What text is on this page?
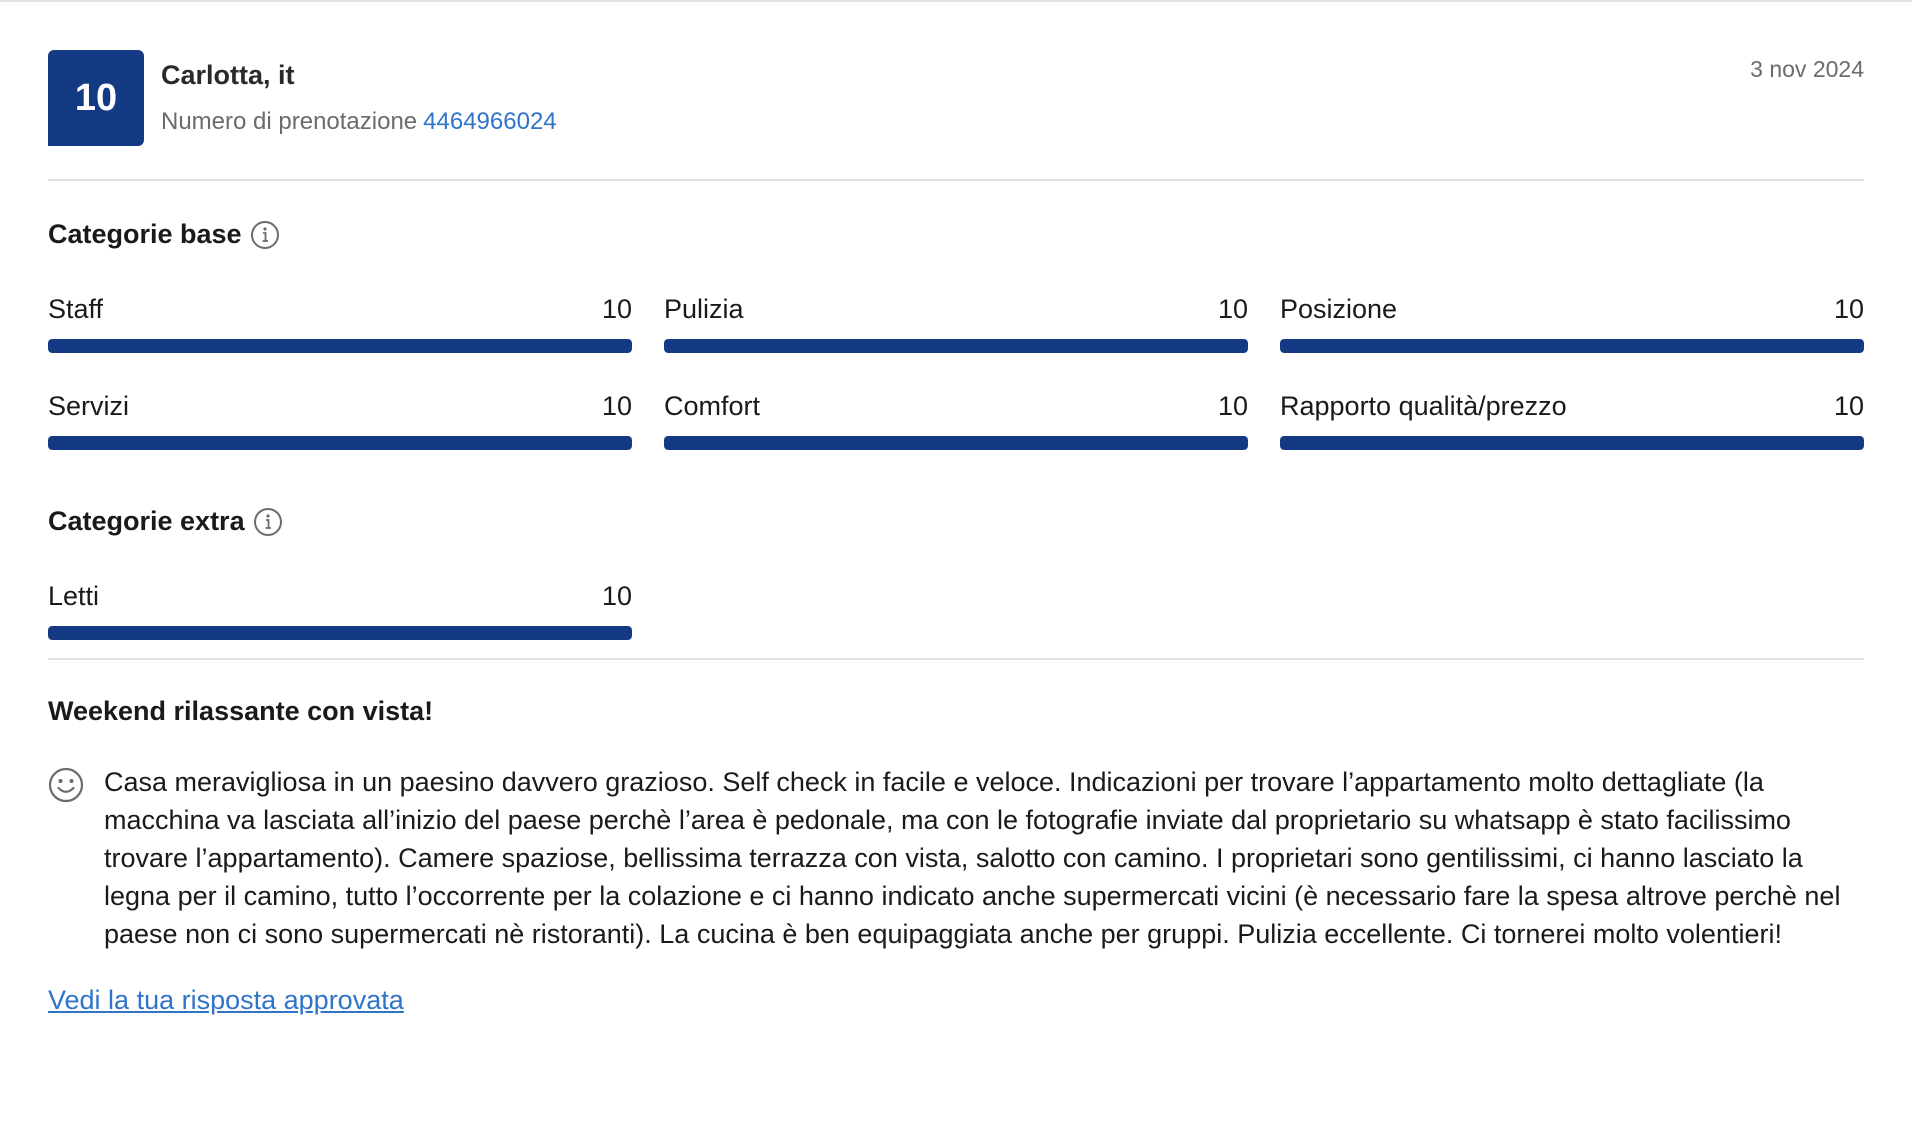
10
Carlotta, it
Numero di prenotazione 4464966024
3 nov 2024
Categorie base
Staff	10 Pulizia	10 Posizione	10
Servizi	10 Comfort	10 Rapporto qualità/prezzo	10
Categorie extra
Letti	10
Weekend rilassante con vista!
Casa meravigliosa in un paesino davvero grazioso. Self check in facile e veloce. Indicazioni per trovare l’appartamento molto dettagliate (la macchina va lasciata all’inizio del paese perchè l’area è pedonale, ma con le fotografie inviate dal proprietario su whatsapp è stato facilissimo trovare l’appartamento). Camere spaziose, bellissima terrazza con vista, salotto con camino. I proprietari sono gentilissimi, ci hanno lasciato la legna per il camino, tutto l’occorrente per la colazione e ci hanno indicato anche supermercati vicini (è necessario fare la spesa altrove perchè nel paese non ci sono supermercati nè ristoranti). La cucina è ben equipaggiata anche per gruppi. Pulizia eccellente. Ci tornerei molto volentieri!
Vedi la tua risposta approvata
